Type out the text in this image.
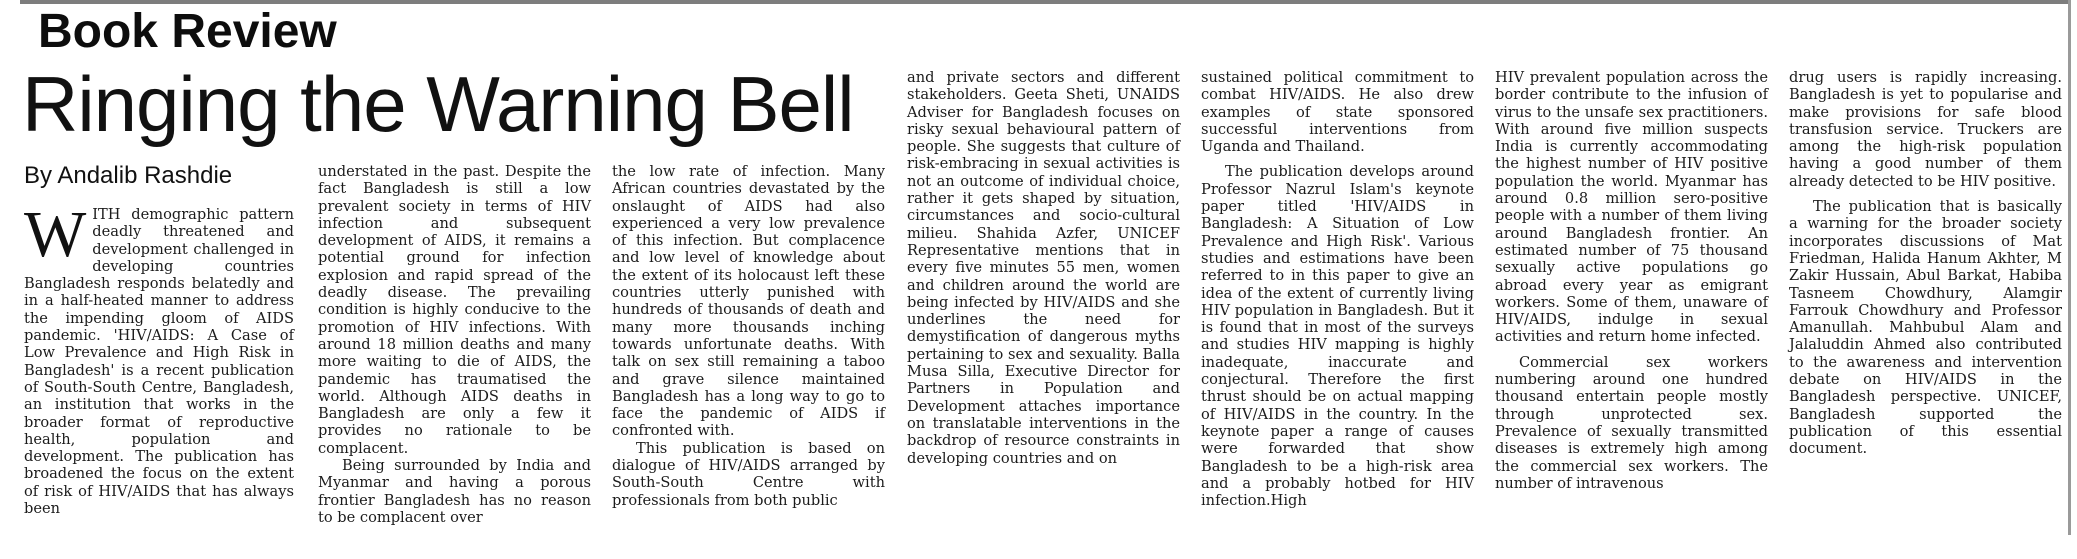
Book Review
Ringing the Warning Bell
By Andalib Rashdie

WITH demographic pattern deadly threatened and development challenged in developing countries Bangladesh responds belatedly and in a half-heated manner to address the impending gloom of AIDS pandemic. 'HIV/AIDS: A Case of Low Prevalence and High Risk in Bangladesh' is a recent publication of South-South Centre, Bangladesh, an institution that works in the broader format of reproductive health, population and development. The publication has broadened the focus on the extent of risk of HIV/AIDS that has always been

understated in the past. Despite the fact Bangladesh is still a low prevalent society in terms of HIV infection and subsequent development of AIDS, it remains a potential ground for infection explosion and rapid spread of the deadly disease. The prevailing condition is highly conducive to the promotion of HIV infections. With around 18 million deaths and many more waiting to die of AIDS, the pandemic has traumatised the world. Although AIDS deaths in Bangladesh are only a few it provides no rationale to be complacent.

Being surrounded by India and Myanmar and having a porous frontier Bangladesh has no reason to be complacent over

the low rate of infection. Many African countries devastated by the onslaught of AIDS had also experienced a very low prevalence of this infection. But complacence and low level of knowledge about the extent of its holocaust left these countries utterly punished with hundreds of thousands of death and many more thousands inching towards unfortunate deaths. With talk on sex still remaining a taboo and grave silence maintained Bangladesh has a long way to go to face the pandemic of AIDS if confronted with.

This publication is based on dialogue of HIV/AIDS arranged by South-South Centre with professionals from both public

and private sectors and different stakeholders. Geeta Sheti, UNAIDS Adviser for Bangladesh focuses on risky sexual behavioural pattern of people. She suggests that culture of risk-embracing in sexual activities is not an outcome of individual choice, rather it gets shaped by situation, circumstances and socio-cultural milieu. Shahida Azfer, UNICEF Representative mentions that in every five minutes 55 men, women and children around the world are being infected by HIV/AIDS and she underlines the need for demystification of dangerous myths pertaining to sex and sexuality. Balla Musa Silla, Executive Director for Partners in Population and Development attaches importance on translatable interventions in the backdrop of resource constraints in developing countries and on

sustained political commitment to combat HIV/AIDS. He also drew examples of state sponsored successful interventions from Uganda and Thailand.

The publication develops around Professor Nazrul Islam's keynote paper titled 'HIV/AIDS in Bangladesh: A Situation of Low Prevalence and High Risk'. Various studies and estimations have been referred to in this paper to give an idea of the extent of currently living HIV population in Bangladesh. But it is found that in most of the surveys and studies HIV mapping is highly inadequate, inaccurate and conjectural. Therefore the first thrust should be on actual mapping of HIV/AIDS in the country. In the keynote paper a range of causes were forwarded that show Bangladesh to be a high-risk area and a probably hotbed for HIV infection.High

HIV prevalent population across the border contribute to the infusion of virus to the unsafe sex practitioners. With around five million suspects India is currently accommodating the highest number of HIV positive population the world. Myanmar has around 0.8 million sero-positive people with a number of them living around Bangladesh frontier. An estimated number of 75 thousand sexually active populations go abroad every year as emigrant workers. Some of them, unaware of HIV/AIDS, indulge in sexual activities and return home infected.

Commercial sex workers numbering around one hundred thousand entertain people mostly through unprotected sex. Prevalence of sexually transmitted diseases is extremely high among the commercial sex workers. The number of intravenous

drug users is rapidly increasing. Bangladesh is yet to popularise and make provisions for safe blood transfusion service. Truckers are among the high-risk population having a good number of them already detected to be HIV positive.

The publication that is basically a warning for the broader society incorporates discussions of Mat Friedman, Halida Hanum Akhter, M Zakir Hussain, Abul Barkat, Habiba Tasneem Chowdhury, Alamgir Farrouk Chowdhury and Professor Amanullah. Mahbubul Alam and Jalaluddin Ahmed also contributed to the awareness and intervention debate on HIV/AIDS in the Bangladesh perspective. UNICEF, Bangladesh supported the publication of this essential document.
